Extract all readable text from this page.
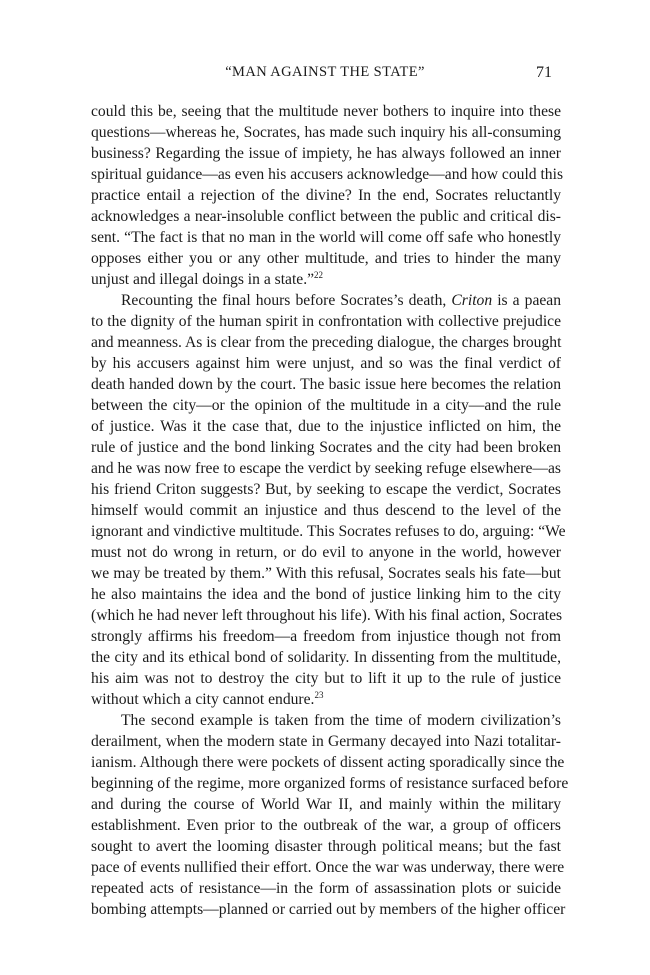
“MAN AGAINST THE STATE”	71
could this be, seeing that the multitude never bothers to inquire into these
questions—whereas he, Socrates, has made such inquiry his all-consuming
business? Regarding the issue of impiety, he has always followed an inner
spiritual guidance—as even his accusers acknowledge—and how could this
practice entail a rejection of the divine? In the end, Socrates reluctantly
acknowledges a near-insoluble conflict between the public and critical dis-
sent. “The fact is that no man in the world will come off safe who honestly
opposes either you or any other multitude, and tries to hinder the many
unjust and illegal doings in a state.”$^{22}$
Recounting the final hours before Socrates’s death, Criton is a paean
to the dignity of the human spirit in confrontation with collective prejudice
and meanness. As is clear from the preceding dialogue, the charges brought
by his accusers against him were unjust, and so was the final verdict of
death handed down by the court. The basic issue here becomes the relation
between the city—or the opinion of the multitude in a city—and the rule
of justice. Was it the case that, due to the injustice inflicted on him, the
rule of justice and the bond linking Socrates and the city had been broken
and he was now free to escape the verdict by seeking refuge elsewhere—as
his friend Criton suggests? But, by seeking to escape the verdict, Socrates
himself would commit an injustice and thus descend to the level of the
ignorant and vindictive multitude. This Socrates refuses to do, arguing: “We
must not do wrong in return, or do evil to anyone in the world, however
we may be treated by them.” With this refusal, Socrates seals his fate—but
he also maintains the idea and the bond of justice linking him to the city
(which he had never left throughout his life). With his final action, Socrates
strongly affirms his freedom—a freedom from injustice though not from
the city and its ethical bond of solidarity. In dissenting from the multitude,
his aim was not to destroy the city but to lift it up to the rule of justice
without which a city cannot endure.$^{23}$
The second example is taken from the time of modern civilization’s
derailment, when the modern state in Germany decayed into Nazi totalitar-
ianism. Although there were pockets of dissent acting sporadically since the
beginning of the regime, more organized forms of resistance surfaced before
and during the course of World War II, and mainly within the military
establishment. Even prior to the outbreak of the war, a group of officers
sought to avert the looming disaster through political means; but the fast
pace of events nullified their effort. Once the war was underway, there were
repeated acts of resistance—in the form of assassination plots or suicide
bombing attempts—planned or carried out by members of the higher officer
